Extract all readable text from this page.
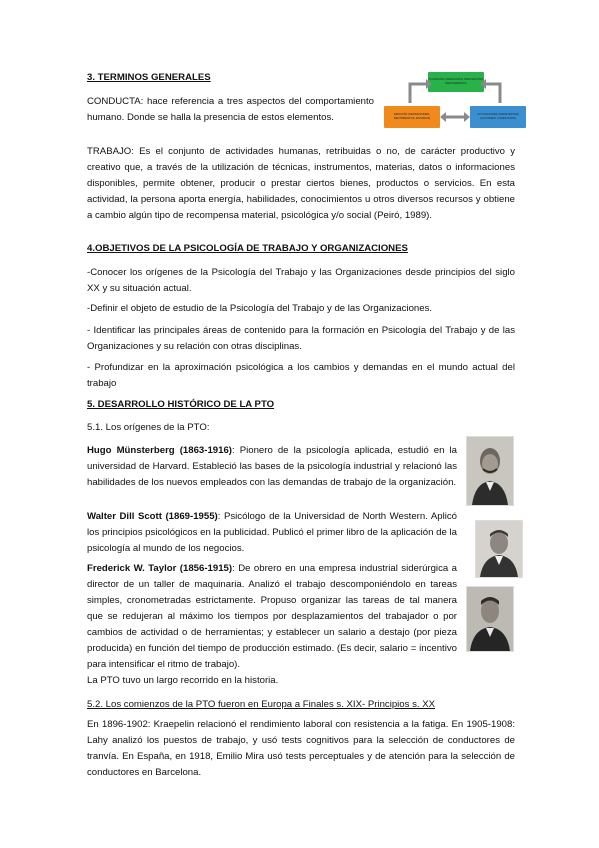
3. TERMINOS GENERALES
CONDUCTA: hace referencia a tres aspectos del comportamiento humano. Donde se halla la presencia de estos elementos.
COGNICIÓN (SENSACIÓN, PERCEPCIÓN, PENSAMIENTO)
EMOCIÓN (SENSACIONES, SENTIMIENTOS, ESTADOS)
ACTUACIONES (MANIFIESTAS) (ACCIONES, CONDUCTAS)
TRABAJO: Es el conjunto de actividades humanas, retribuidas o no, de carácter productivo y creativo que, a través de la utilización de técnicas, instrumentos, materias, datos o informaciones disponibles, permite obtener, producir o prestar ciertos bienes, productos o servicios. En esta actividad, la persona aporta energía, habilidades, conocimientos u otros diversos recursos y obtiene a cambio algún tipo de recompensa material, psicológica y/o social (Peiró, 1989).
4.OBJETIVOS DE LA PSICOLOGÍA DE TRABAJO Y ORGANIZACIONES
-Conocer los orígenes de la Psicología del Trabajo y las Organizaciones desde principios del siglo XX y su situación actual.
-Definir el objeto de estudio de la Psicología del Trabajo y de las Organizaciones.
- Identificar las principales áreas de contenido para la formación en Psicología del Trabajo y de las Organizaciones y su relación con otras disciplinas.
- Profundizar en la aproximación psicológica a los cambios y demandas en el mundo actual del trabajo
5. DESARROLLO HISTÓRICO DE LA PTO
5.1. Los orígenes de la PTO:
Hugo Münsterberg (1863-1916): Pionero de la psicología aplicada, estudió en la universidad de Harvard. Estableció las bases de la psicología industrial y relacionó las habilidades de los nuevos empleados con las demandas de trabajo de la organización.
Walter Dill Scott (1869-1955): Psicólogo de la Universidad de North Western. Aplicó los principios psicológicos en la publicidad. Publicó el primer libro de la aplicación de la psicología al mundo de los negocios.
Frederick W. Taylor (1856-1915): De obrero en una empresa industrial siderúrgica a director de un taller de maquinaria. Analizó el trabajo descomponiéndolo en tareas simples, cronometradas estrictamente. Propuso organizar las tareas de tal manera que se redujeran al máximo los tiempos por desplazamientos del trabajador o por cambios de actividad o de herramientas; y establecer un salario a destajo (por pieza producida) en función del tiempo de producción estimado. (Es decir, salario = incentivo para intensificar el ritmo de trabajo).
La PTO tuvo un largo recorrido en la historia.
5.2. Los comienzos de la PTO fueron en Europa a Finales s. XIX- Principios s. XX
En 1896-1902: Kraepelin relacionó el rendimiento laboral con resistencia a la fatiga. En 1905-1908: Lahy analizó los puestos de trabajo, y usó tests cognitivos para la selección de conductores de tranvía. En España, en 1918, Emilio Mira usó tests perceptuales y de atención para la selección de conductores en Barcelona.
